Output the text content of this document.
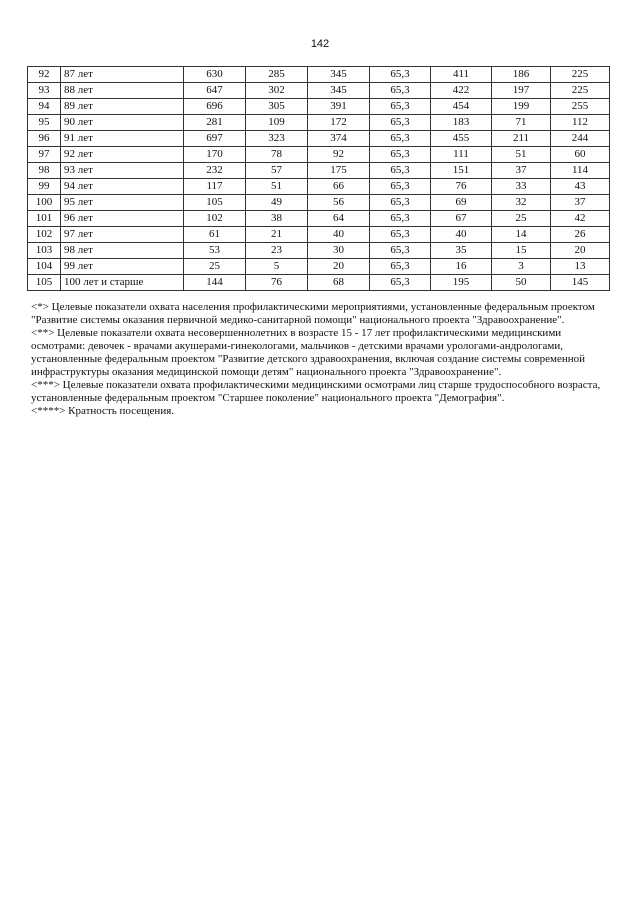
142
92	87 лет	630	285	345	65,3	411	186	225
93	88 лет	647	302	345	65,3	422	197	225
94	89 лет	696	305	391	65,3	454	199	255
95	90 лет	281	109	172	65,3	183	71	112
96	91 лет	697	323	374	65,3	455	211	244
97	92 лет	170	78	92	65,3	111	51	60
98	93 лет	232	57	175	65,3	151	37	114
99	94 лет	117	51	66	65,3	76	33	43
100	95 лет	105	49	56	65,3	69	32	37
101	96 лет	102	38	64	65,3	67	25	42
102	97 лет	61	21	40	65,3	40	14	26
103	98 лет	53	23	30	65,3	35	15	20
104	99 лет	25	5	20	65,3	16	3	13
105	100 лет и старше	144	76	68	65,3	195	50	145

<*> Целевые показатели охвата населения профилактическими мероприятиями, установленные федеральным проектом "Развитие системы оказания первичной медико-санитарной помощи" национального проекта "Здравоохранение".

<**> Целевые показатели охвата несовершеннолетних в возрасте 15 - 17 лет профилактическими медицинскими осмотрами: девочек - врачами акушерами-гинекологами, мальчиков - детскими врачами урологами-андрологами, установленные федеральным проектом "Развитие детского здравоохранения, включая создание системы современной инфраструктуры оказания медицинской помощи детям" национального проекта "Здравоохранение".

<***> Целевые показатели охвата профилактическими медицинскими осмотрами лиц старше трудоспособного возраста, установленные федеральным проектом "Старшее поколение" национального проекта "Демография".

<****> Кратность посещения.
